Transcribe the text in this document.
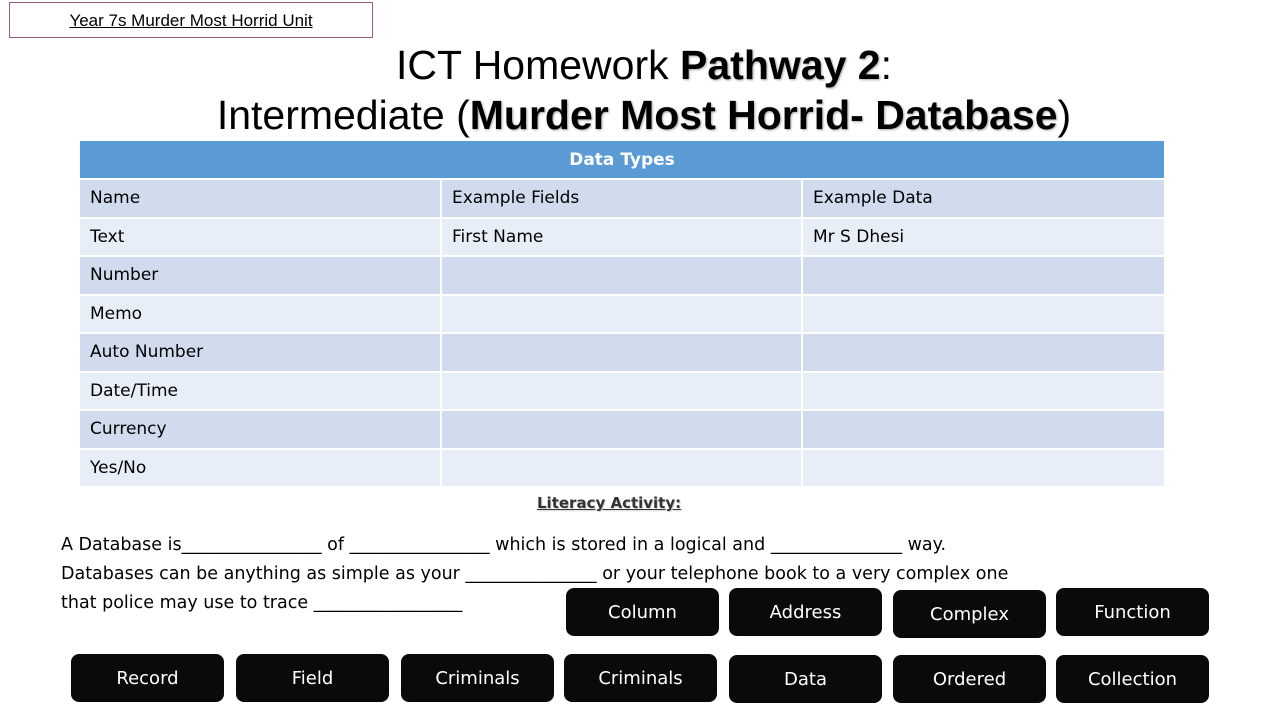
Year 7s Murder Most Horrid Unit
ICT Homework Pathway 2:
Intermediate (Murder Most Horrid- Database)
Data Types		
Name	Example Fields	Example Data
Text	First Name	Mr S Dhesi
Number		
Memo		
Auto Number		
Date/Time		
Currency		
Yes/No		
Literacy Activity:
A Database is________________ of ________________ which is stored in a logical and _______________ way.
Databases can be anything as simple as your _______________ or your telephone book to a very complex one
that police may use to trace _________________	Column	Address	Complex	Function
Record	Field	Criminals	Criminals	Data	Ordered	Collection
